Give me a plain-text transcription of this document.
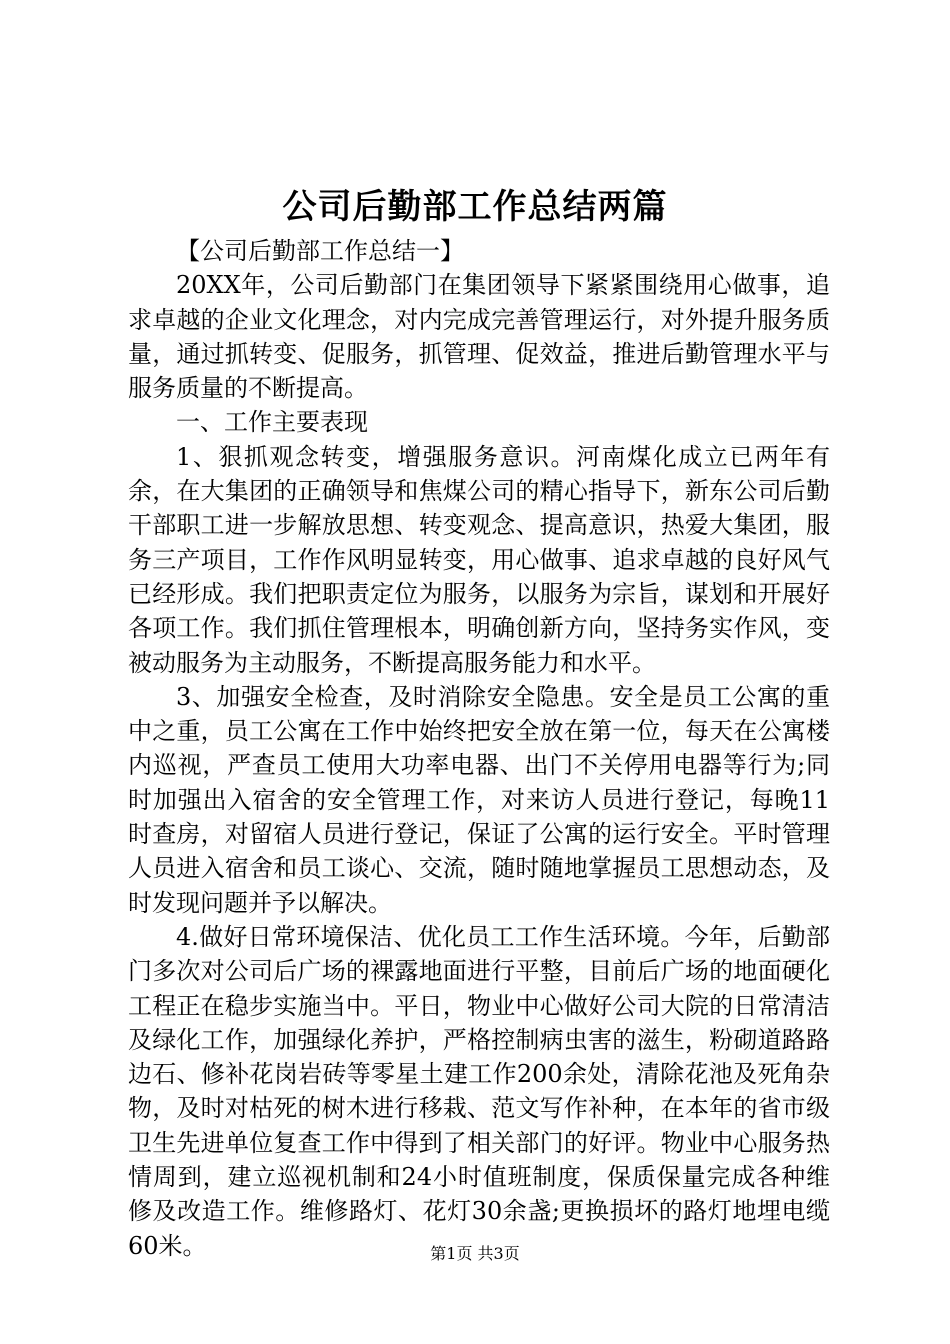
公司后勤部工作总结两篇

【公司后勤部工作总结一】

20XX年，公司后勤部门在集团领导下紧紧围绕用心做事，追求卓越的企业文化理念，对内完成完善管理运行，对外提升服务质量，通过抓转变、促服务，抓管理、促效益，推进后勤管理水平与服务质量的不断提高。

一、工作主要表现

1、狠抓观念转变，增强服务意识。河南煤化成立已两年有余，在大集团的正确领导和焦煤公司的精心指导下，新东公司后勤干部职工进一步解放思想、转变观念、提高意识，热爱大集团，服务三产项目，工作作风明显转变，用心做事、追求卓越的良好风气已经形成。我们把职责定位为服务，以服务为宗旨，谋划和开展好各项工作。我们抓住管理根本，明确创新方向，坚持务实作风，变被动服务为主动服务，不断提高服务能力和水平。

3、加强安全检查，及时消除安全隐患。安全是员工公寓的重中之重，员工公寓在工作中始终把安全放在第一位，每天在公寓楼内巡视，严查员工使用大功率电器、出门不关停用电器等行为;同时加强出入宿舍的安全管理工作，对来访人员进行登记，每晚11时查房，对留宿人员进行登记，保证了公寓的运行安全。平时管理人员进入宿舍和员工谈心、交流，随时随地掌握员工思想动态，及时发现问题并予以解决。

4.做好日常环境保洁、优化员工工作生活环境。今年，后勤部门多次对公司后广场的裸露地面进行平整，目前后广场的地面硬化工程正在稳步实施当中。平日，物业中心做好公司大院的日常清洁及绿化工作，加强绿化养护，严格控制病虫害的滋生，粉砌道路路边石、修补花岗岩砖等零星土建工作200余处，清除花池及死角杂物，及时对枯死的树木进行移栽、范文写作补种，在本年的省市级卫生先进单位复查工作中得到了相关部门的好评。物业中心服务热情周到，建立巡视机制和24小时值班制度，保质保量完成各种维修及改造工作。维修路灯、花灯30余盏;更换损坏的路灯地埋电缆60米。	第1页 共3页
